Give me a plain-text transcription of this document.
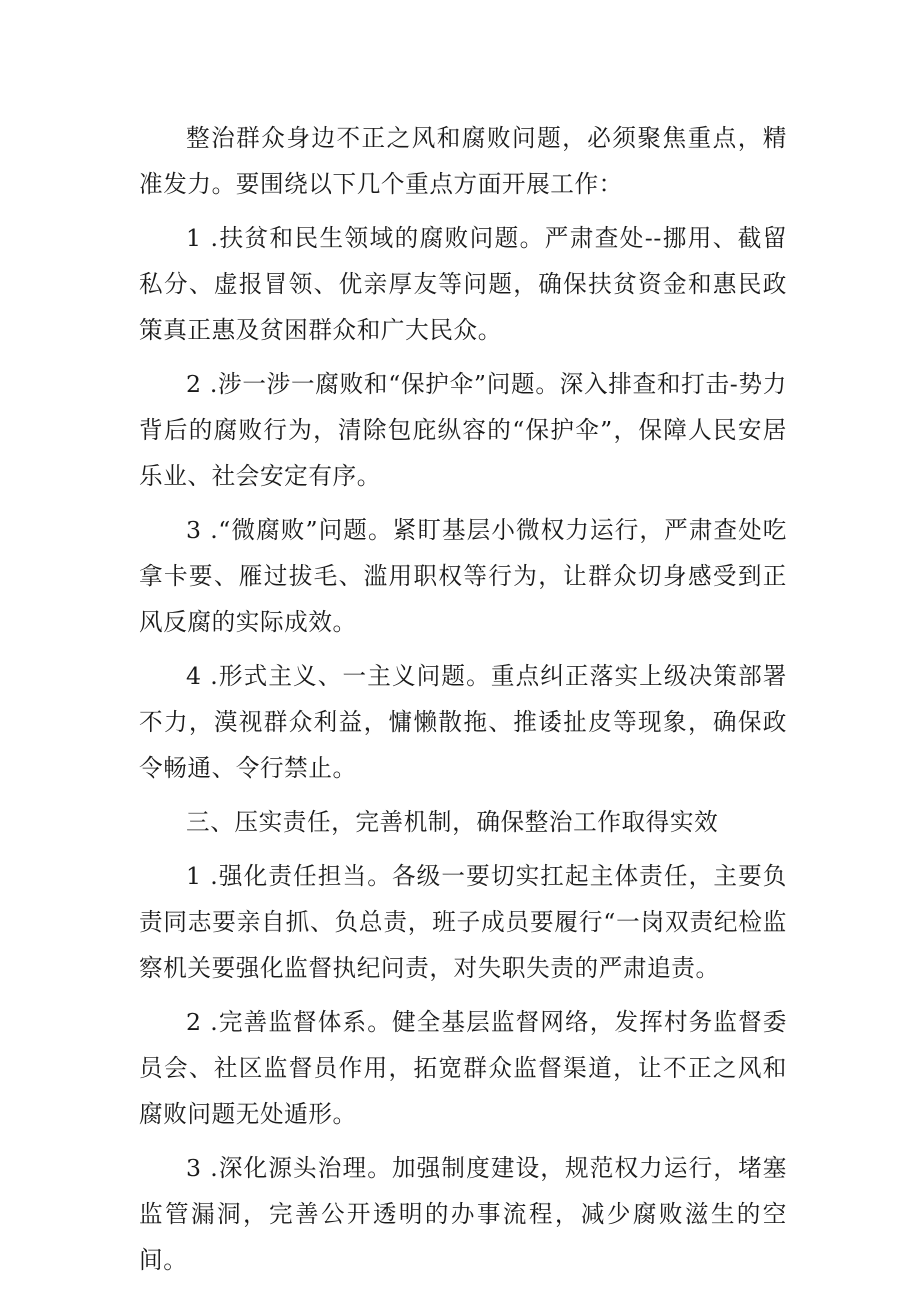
整治群众身边不正之风和腐败问题，必须聚焦重点，精准发力。要围绕以下几个重点方面开展工作：

1 .扶贫和民生领域的腐败问题。严肃查处--挪用、截留私分、虚报冒领、优亲厚友等问题，确保扶贫资金和惠民政策真正惠及贫困群众和广大民众。

2 .涉一涉一腐败和“保护伞”问题。深入排查和打击-势力背后的腐败行为，清除包庇纵容的“保护伞”，保障人民安居乐业、社会安定有序。

3 .“微腐败”问题。紧盯基层小微权力运行，严肃查处吃拿卡要、雁过拔毛、滥用职权等行为，让群众切身感受到正风反腐的实际成效。

4 .形式主义、一主义问题。重点纠正落实上级决策部署不力，漠视群众利益，慵懒散拖、推诿扯皮等现象，确保政令畅通、令行禁止。

三、压实责任，完善机制，确保整治工作取得实效

1 .强化责任担当。各级一要切实扛起主体责任，主要负责同志要亲自抓、负总责，班子成员要履行“一岗双责纪检监察机关要强化监督执纪问责，对失职失责的严肃追责。

2 .完善监督体系。健全基层监督网络，发挥村务监督委员会、社区监督员作用，拓宽群众监督渠道，让不正之风和腐败问题无处遁形。

3 .深化源头治理。加强制度建设，规范权力运行，堵塞监管漏洞，完善公开透明的办事流程，减少腐败滋生的空间。
